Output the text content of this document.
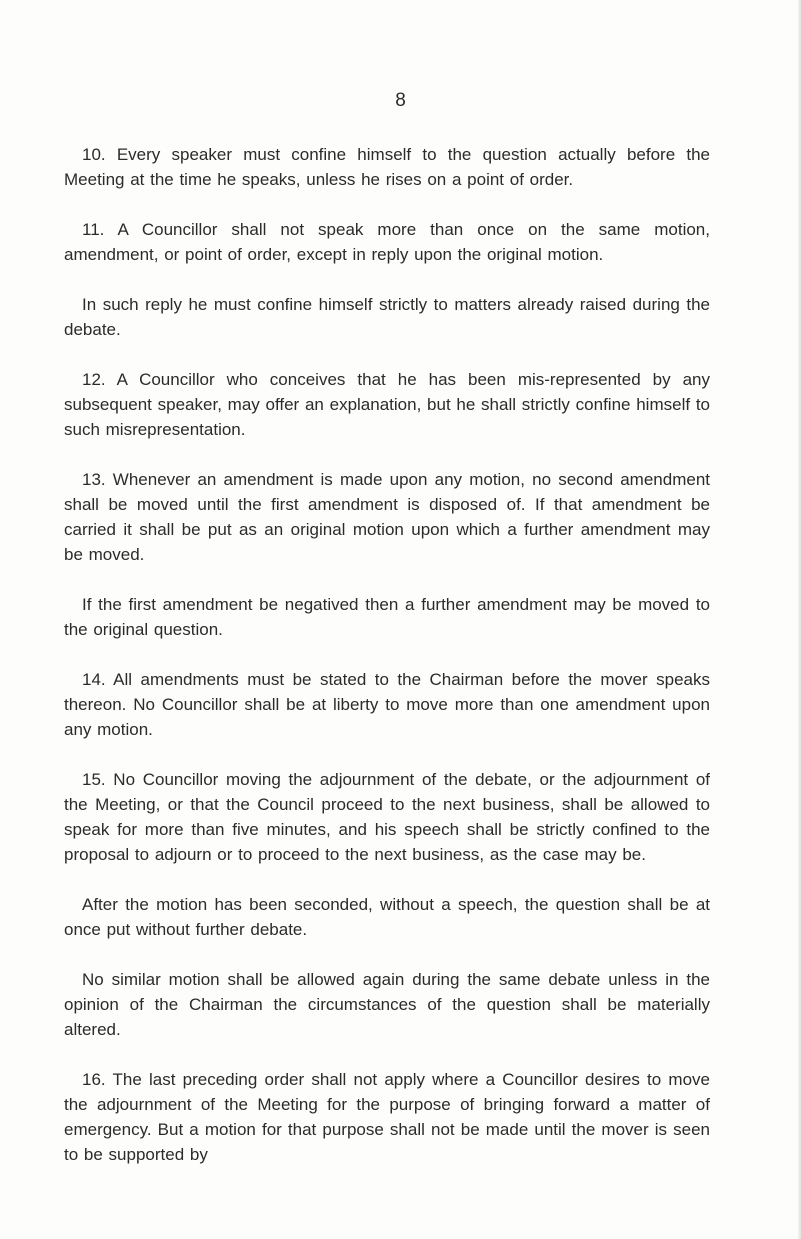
8

10. Every speaker must confine himself to the question actually before the Meeting at the time he speaks, unless he rises on a point of order.

11. A Councillor shall not speak more than once on the same motion, amendment, or point of order, except in reply upon the original motion.

In such reply he must confine himself strictly to matters already raised during the debate.

12. A Councillor who conceives that he has been mis-represented by any subsequent speaker, may offer an explanation, but he shall strictly confine himself to such misrepresentation.

13. Whenever an amendment is made upon any motion, no second amendment shall be moved until the first amendment is disposed of. If that amendment be carried it shall be put as an original motion upon which a further amendment may be moved.

If the first amendment be negatived then a further amendment may be moved to the original question.

14. All amendments must be stated to the Chairman before the mover speaks thereon. No Councillor shall be at liberty to move more than one amendment upon any motion.

15. No Councillor moving the adjournment of the debate, or the adjournment of the Meeting, or that the Council proceed to the next business, shall be allowed to speak for more than five minutes, and his speech shall be strictly confined to the proposal to adjourn or to proceed to the next business, as the case may be.

After the motion has been seconded, without a speech, the question shall be at once put without further debate.

No similar motion shall be allowed again during the same debate unless in the opinion of the Chairman the circumstances of the question shall be materially altered.

16. The last preceding order shall not apply where a Councillor desires to move the adjournment of the Meeting for the purpose of bringing forward a matter of emergency. But a motion for that purpose shall not be made until the mover is seen to be supported by
